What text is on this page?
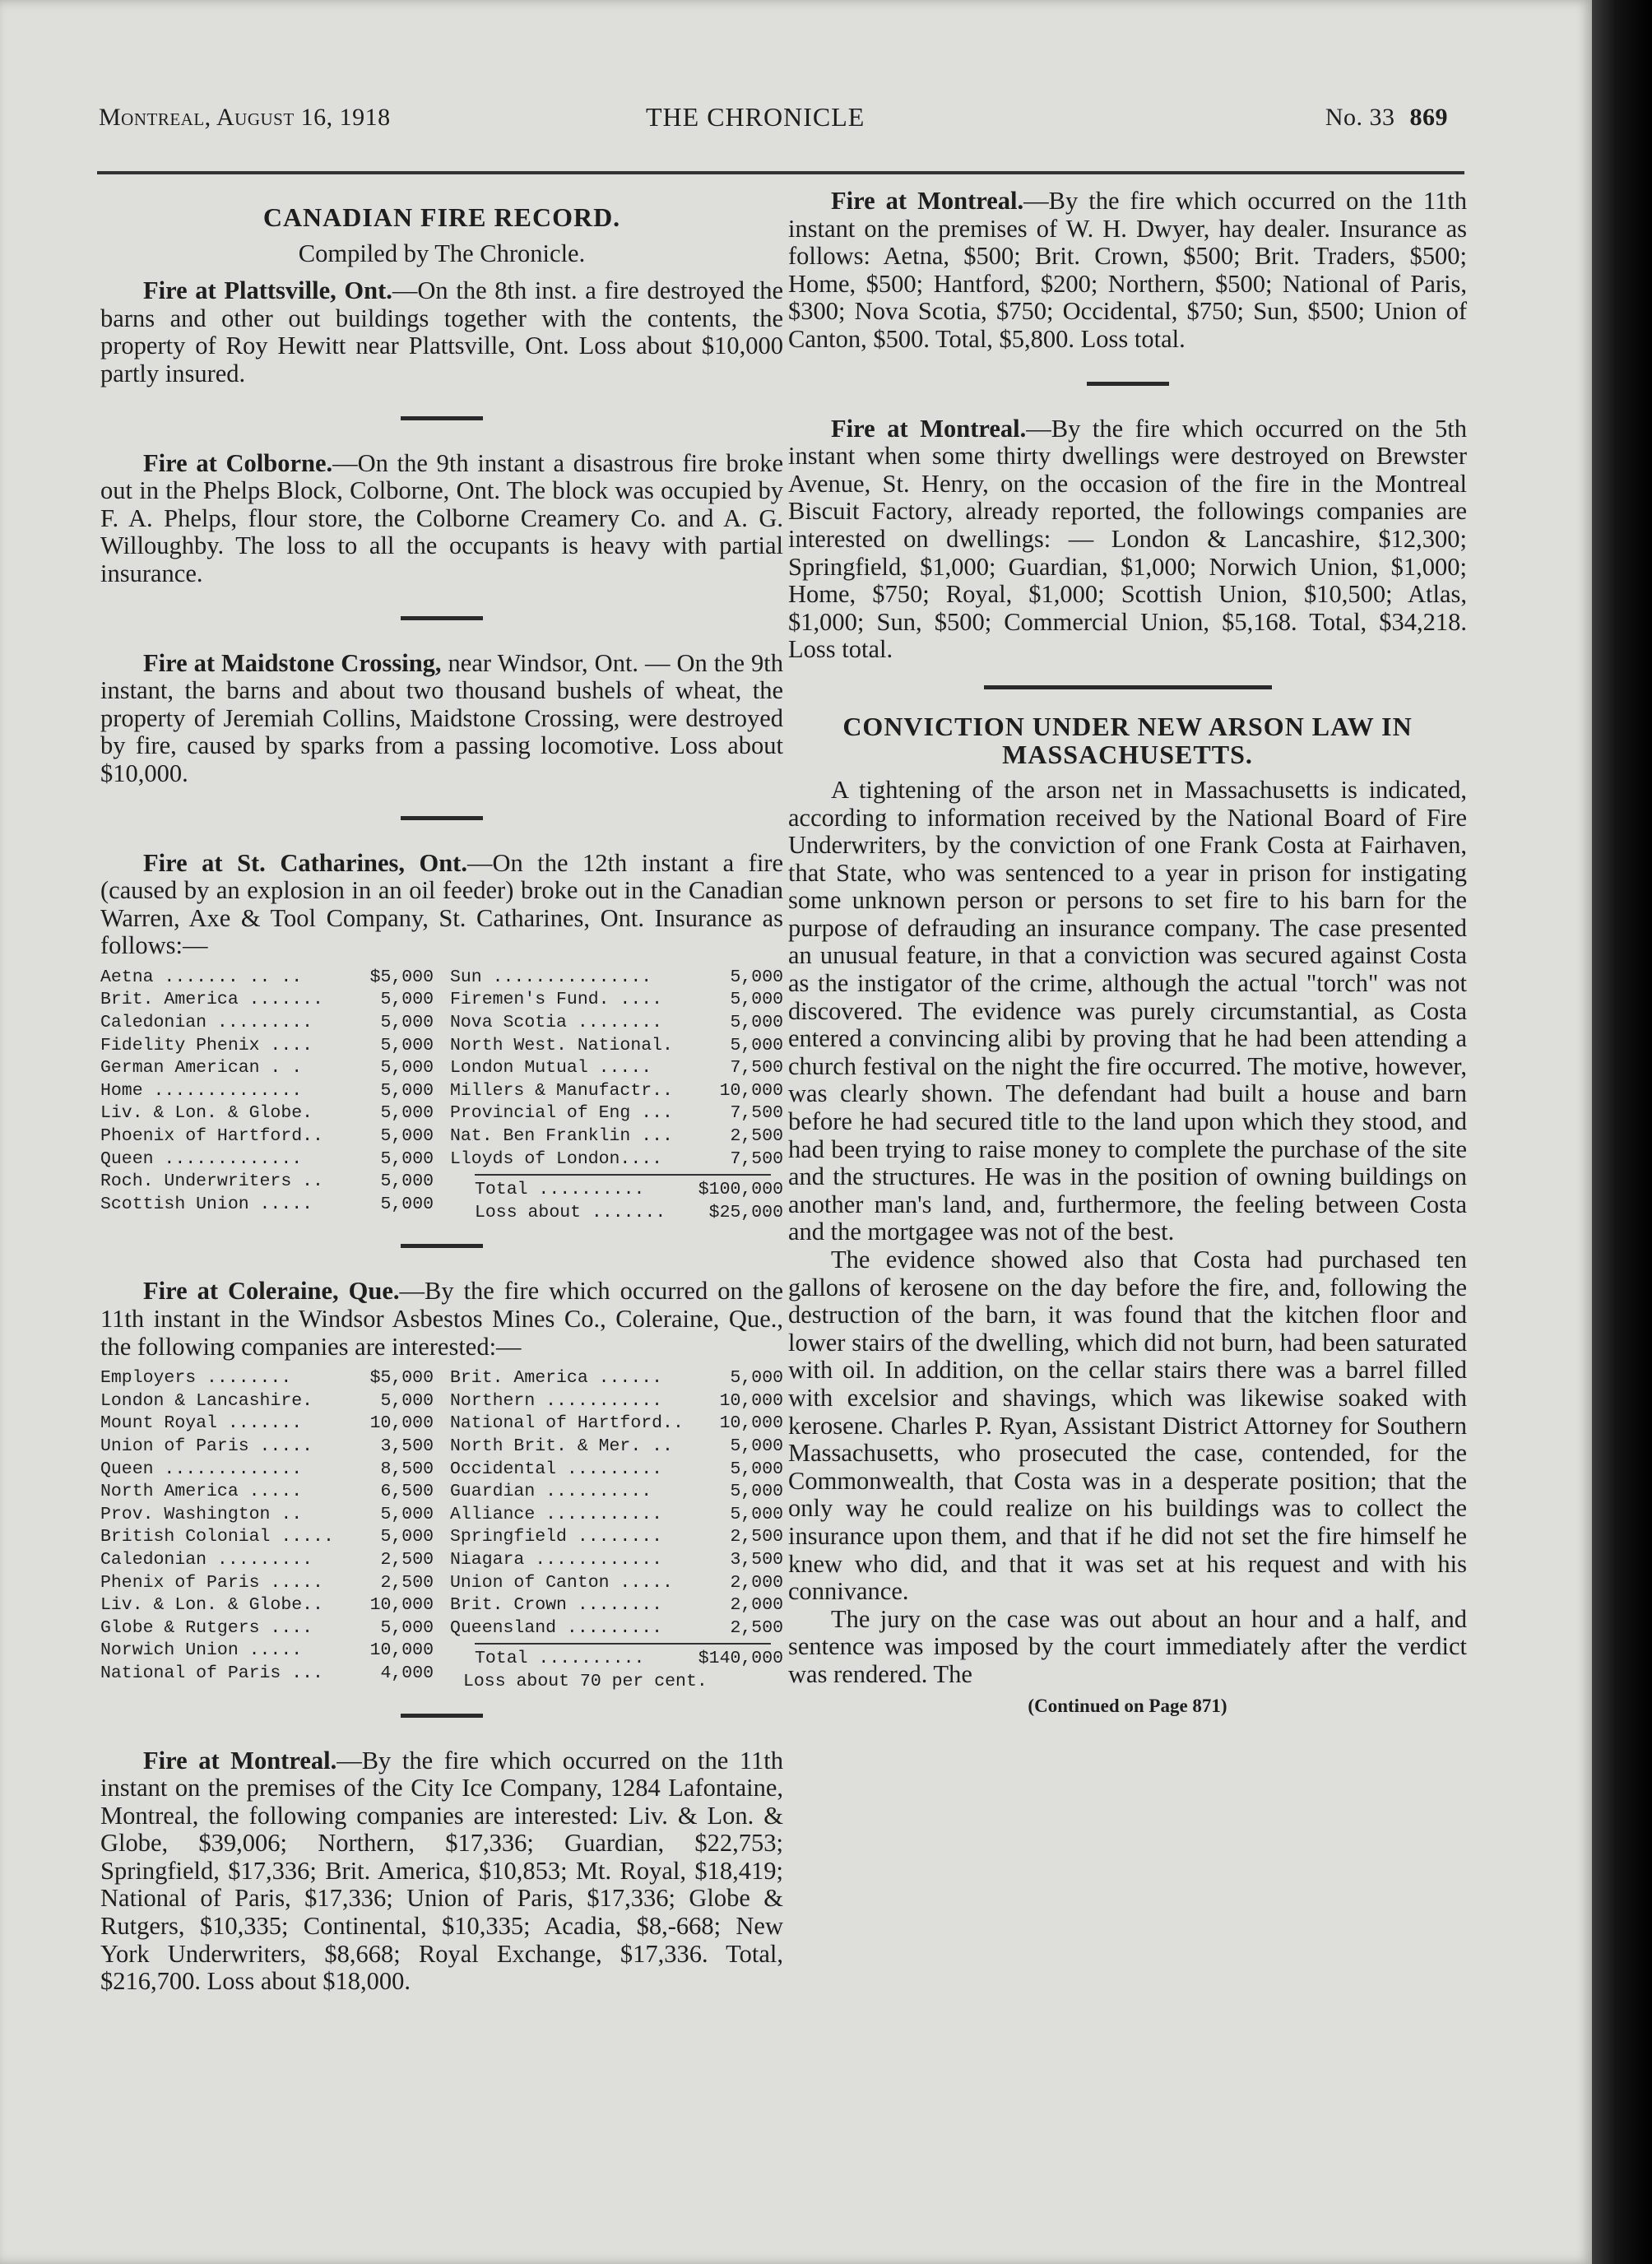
Montreal, August 16, 1918	THE CHRONICLE	No. 33 869
CANADIAN FIRE RECORD.
Compiled by The Chronicle.

Fire at Plattsville, Ont.—On the 8th inst. a fire destroyed the barns and other out buildings together with the contents, the property of Roy Hewitt near Plattsville, Ont. Loss about $10,000 partly insured.

Fire at Colborne.—On the 9th instant a disastrous fire broke out in the Phelps Block, Colborne, Ont. The block was occupied by F. A. Phelps, flour store, the Colborne Creamery Co. and A. G. Willoughby. The loss to all the occupants is heavy with partial insurance.

Fire at Maidstone Crossing, near Windsor, Ont. — On the 9th instant, the barns and about two thousand bushels of wheat, the property of Jeremiah Collins, Maidstone Crossing, were destroyed by fire, caused by sparks from a passing locomotive. Loss about $10,000.

Fire at St. Catharines, Ont.—On the 12th instant a fire (caused by an explosion in an oil feeder) broke out in the Canadian Warren, Axe & Tool Company, St. Catharines, Ont. Insurance as follows:—

Aetna ....... .. ..	$5,000
Brit. America .......	5,000
Caledonian .........	5,000
Fidelity Phenix ....	5,000
German American . .	5,000
Home ..............	5,000
Liv. & Lon. & Globe.	5,000
Phoenix of Hartford..	5,000
Queen .............	5,000
Roch. Underwriters ..	5,000
Scottish Union .....	5,000
Sun ...............	5,000
Firemen's Fund. ....	5,000
Nova Scotia ........	5,000
North West. National.	5,000
London Mutual .....	7,500
Millers & Manufactr..	10,000
Provincial of Eng ...	7,500
Nat. Ben Franklin ...	2,500
Lloyds of London....	7,500
Total ..........	$100,000
Loss about ....... $25,000

Fire at Coleraine, Que.—By the fire which occurred on the 11th instant in the Windsor Asbestos Mines Co., Coleraine, Que., the following companies are interested:—

Employers ........	$5,000
London & Lancashire.	5,000
Mount Royal .......	10,000
Union of Paris .....	3,500
Queen .............	8,500
North America .....	6,500
Prov. Washington ..	5,000
British Colonial .....	5,000
Caledonian .........	2,500
Phenix of Paris .....	2,500
Liv. & Lon. & Globe..	10,000
Globe & Rutgers ....	5,000
Norwich Union .....	10,000
National of Paris ...	4,000
Brit. America ......	5,000
Northern ...........	10,000
National of Hartford.. 10,000
North Brit. & Mer. ..	5,000
Occidental .........	5,000
Guardian ..........	5,000
Alliance ...........	5,000
Springfield ........	2,500
Niagara ............	3,500
Union of Canton .....	2,000
Brit. Crown ........	2,000
Queensland .........	2,500
Total ..........	$140,000
Loss about 70 per cent.

Fire at Montreal.—By the fire which occurred on the 11th instant on the premises of the City Ice Company, 1284 Lafontaine, Montreal, the following companies are interested: Liv. & Lon. & Globe, $39,006; Northern, $17,336; Guardian, $22,753; Springfield, $17,336; Brit. America, $10,853; Mt. Royal, $18,419; National of Paris, $17,336; Union of Paris, $17,336; Globe & Rutgers, $10,335; Continental, $10,335; Acadia, $8,-668; New York Underwriters, $8,668; Royal Exchange, $17,336. Total, $216,700. Loss about $18,000.

Fire at Montreal.—By the fire which occurred on the 11th instant on the premises of W. H. Dwyer, hay dealer. Insurance as follows: Aetna, $500; Brit. Crown, $500; Brit. Traders, $500; Home, $500; Hantford, $200; Northern, $500; National of Paris, $300; Nova Scotia, $750; Occidental, $750; Sun, $500; Union of Canton, $500. Total, $5,800. Loss total.

Fire at Montreal.—By the fire which occurred on the 5th instant when some thirty dwellings were destroyed on Brewster Avenue, St. Henry, on the occasion of the fire in the Montreal Biscuit Factory, already reported, the followings companies are interested on dwellings: — London & Lancashire, $12,300; Springfield, $1,000; Guardian, $1,000; Norwich Union, $1,000; Home, $750; Royal, $1,000; Scottish Union, $10,500; Atlas, $1,000; Sun, $500; Commercial Union, $5,168. Total, $34,218. Loss total.

CONVICTION UNDER NEW ARSON LAW IN MASSACHUSETTS.

A tightening of the arson net in Massachusetts is indicated, according to information received by the National Board of Fire Underwriters, by the conviction of one Frank Costa at Fairhaven, that State, who was sentenced to a year in prison for instigating some unknown person or persons to set fire to his barn for the purpose of defrauding an insurance company. The case presented an unusual feature, in that a conviction was secured against Costa as the instigator of the crime, although the actual "torch" was not discovered. The evidence was purely circumstantial, as Costa entered a convincing alibi by proving that he had been attending a church festival on the night the fire occurred. The motive, however, was clearly shown. The defendant had built a house and barn before he had secured title to the land upon which they stood, and had been trying to raise money to complete the purchase of the site and the structures. He was in the position of owning buildings on another man's land, and, furthermore, the feeling between Costa and the mortgagee was not of the best.

The evidence showed also that Costa had purchased ten gallons of kerosene on the day before the fire, and, following the destruction of the barn, it was found that the kitchen floor and lower stairs of the dwelling, which did not burn, had been saturated with oil. In addition, on the cellar stairs there was a barrel filled with excelsior and shavings, which was likewise soaked with kerosene. Charles P. Ryan, Assistant District Attorney for Southern Massachusetts, who prosecuted the case, contended, for the Commonwealth, that Costa was in a desperate position; that the only way he could realize on his buildings was to collect the insurance upon them, and that if he did not set the fire himself he knew who did, and that it was set at his request and with his connivance.

The jury on the case was out about an hour and a half, and sentence was imposed by the court immediately after the verdict was rendered. The

(Continued on Page 871)
